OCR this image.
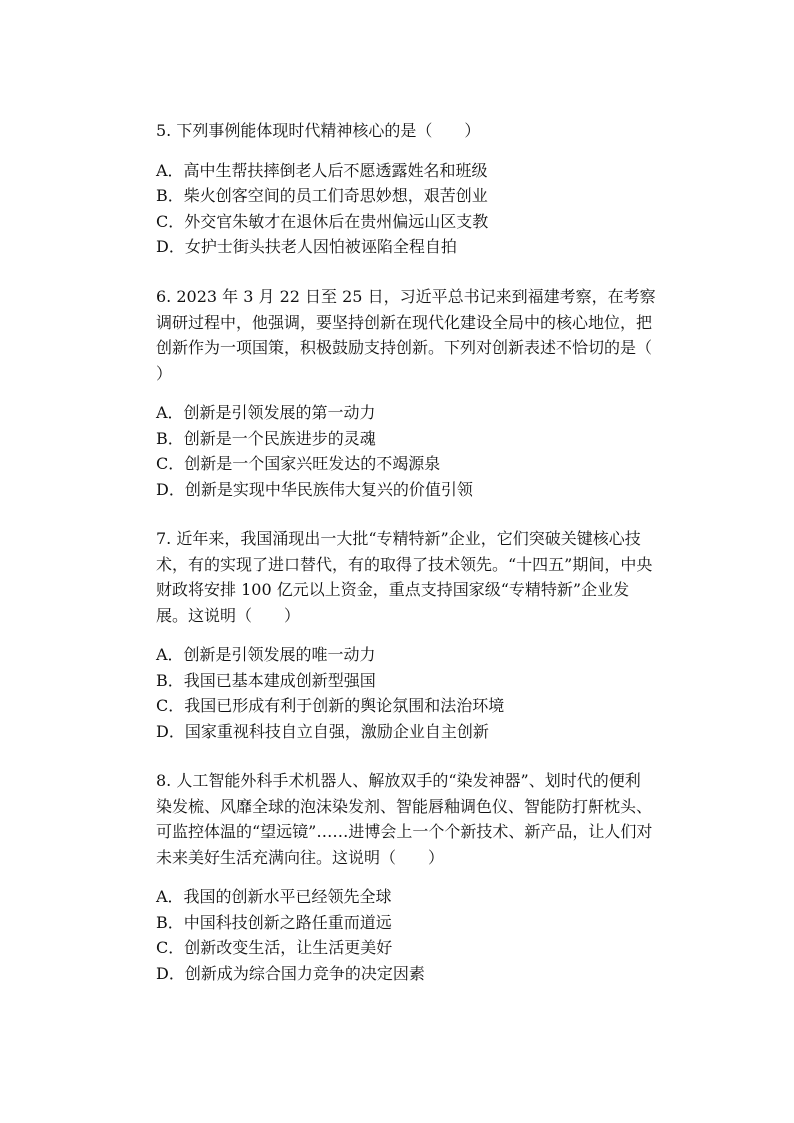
5. 下列事例能体现时代精神核心的是（　　）

A．高中生帮扶摔倒老人后不愿透露姓名和班级
B．柴火创客空间的员工们奇思妙想，艰苦创业
C．外交官朱敏才在退休后在贵州偏远山区支教
D．女护士街头扶老人因怕被诬陷全程自拍

6. 2023 年 3 月 22 日至 25 日，习近平总书记来到福建考察，在考察调研过程中，他强调，要坚持创新在现代化建设全局中的核心地位，把创新作为一项国策，积极鼓励支持创新。下列对创新表述不恰切的是（　　）

A．创新是引领发展的第一动力
B．创新是一个民族进步的灵魂
C．创新是一个国家兴旺发达的不竭源泉
D．创新是实现中华民族伟大复兴的价值引领

7. 近年来，我国涌现出一大批“专精特新”企业，它们突破关键核心技术，有的实现了进口替代，有的取得了技术领先。“十四五”期间，中央财政将安排 100 亿元以上资金，重点支持国家级“专精特新”企业发展。这说明（　　）

A．创新是引领发展的唯一动力
B．我国已基本建成创新型强国
C．我国已形成有利于创新的舆论氛围和法治环境
D．国家重视科技自立自强，激励企业自主创新

8. 人工智能外科手术机器人、解放双手的“染发神器”、划时代的便利染发梳、风靡全球的泡沫染发剂、智能唇釉调色仪、智能防打鼾枕头、可监控体温的“望远镜”……进博会上一个个新技术、新产品，让人们对未来美好生活充满向往。这说明（　　）

A．我国的创新水平已经领先全球
B．中国科技创新之路任重而道远
C．创新改变生活，让生活更美好
D．创新成为综合国力竞争的决定因素
